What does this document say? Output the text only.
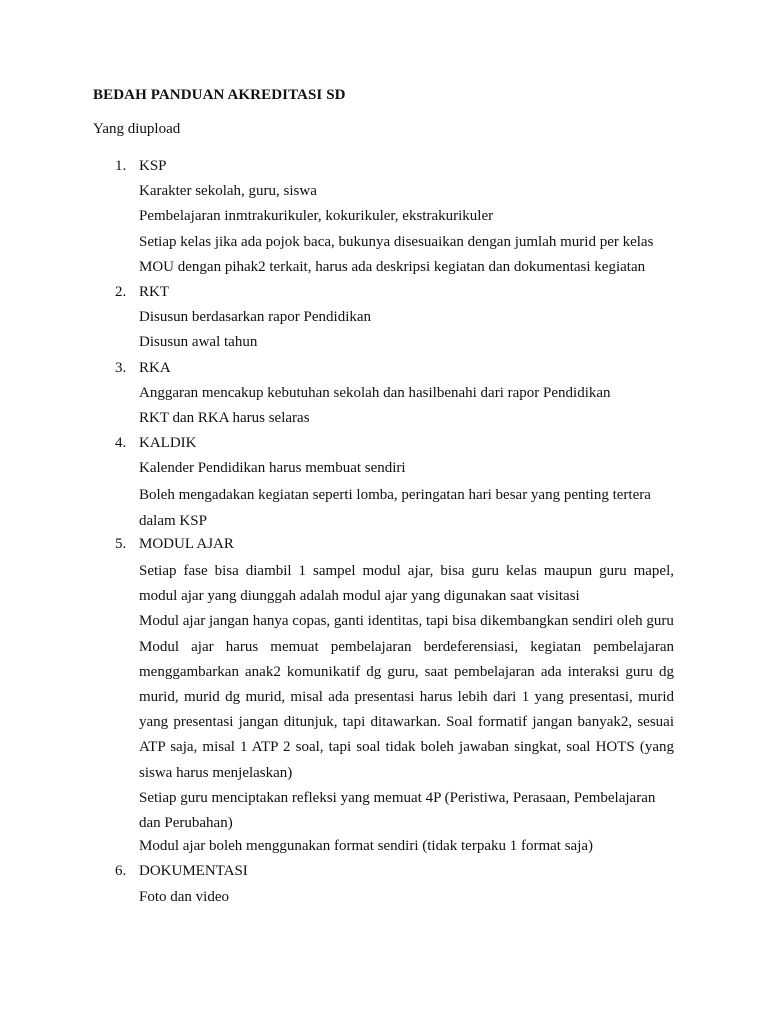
BEDAH PANDUAN AKREDITASI SD
Yang diupload
1. KSP

Karakter sekolah, guru, siswa

Pembelajaran inmtrakurikuler, kokurikuler, ekstrakurikuler

Setiap kelas jika ada pojok baca, bukunya disesuaikan dengan jumlah murid per kelas

MOU dengan pihak2 terkait, harus ada deskripsi kegiatan dan dokumentasi kegiatan

2. RKT

Disusun berdasarkan rapor Pendidikan

Disusun awal tahun

3. RKA

Anggaran mencakup kebutuhan sekolah dan hasilbenahi dari rapor Pendidikan

RKT dan RKA harus selaras

4. KALDIK

Kalender Pendidikan harus membuat sendiri

Boleh mengadakan kegiatan seperti lomba, peringatan hari besar yang penting tertera dalam KSP

5. MODUL AJAR

Setiap fase bisa diambil 1 sampel modul ajar, bisa guru kelas maupun guru mapel, modul ajar yang diunggah adalah modul ajar yang digunakan saat visitasi

Modul ajar jangan hanya copas, ganti identitas, tapi bisa dikembangkan sendiri oleh guru

Modul ajar harus memuat pembelajaran berdeferensiasi, kegiatan pembelajaran menggambarkan anak2 komunikatif dg guru, saat pembelajaran ada interaksi guru dg murid, murid dg murid, misal ada presentasi harus lebih dari 1 yang presentasi, murid yang presentasi jangan ditunjuk, tapi ditawarkan. Soal formatif jangan banyak2, sesuai ATP saja, misal 1 ATP 2 soal, tapi soal tidak boleh jawaban singkat, soal HOTS (yang siswa harus menjelaskan)

Setiap guru menciptakan refleksi yang memuat 4P (Peristiwa, Perasaan, Pembelajaran dan Perubahan)

Modul ajar boleh menggunakan format sendiri (tidak terpaku 1 format saja)

6. DOKUMENTASI

Foto dan video
